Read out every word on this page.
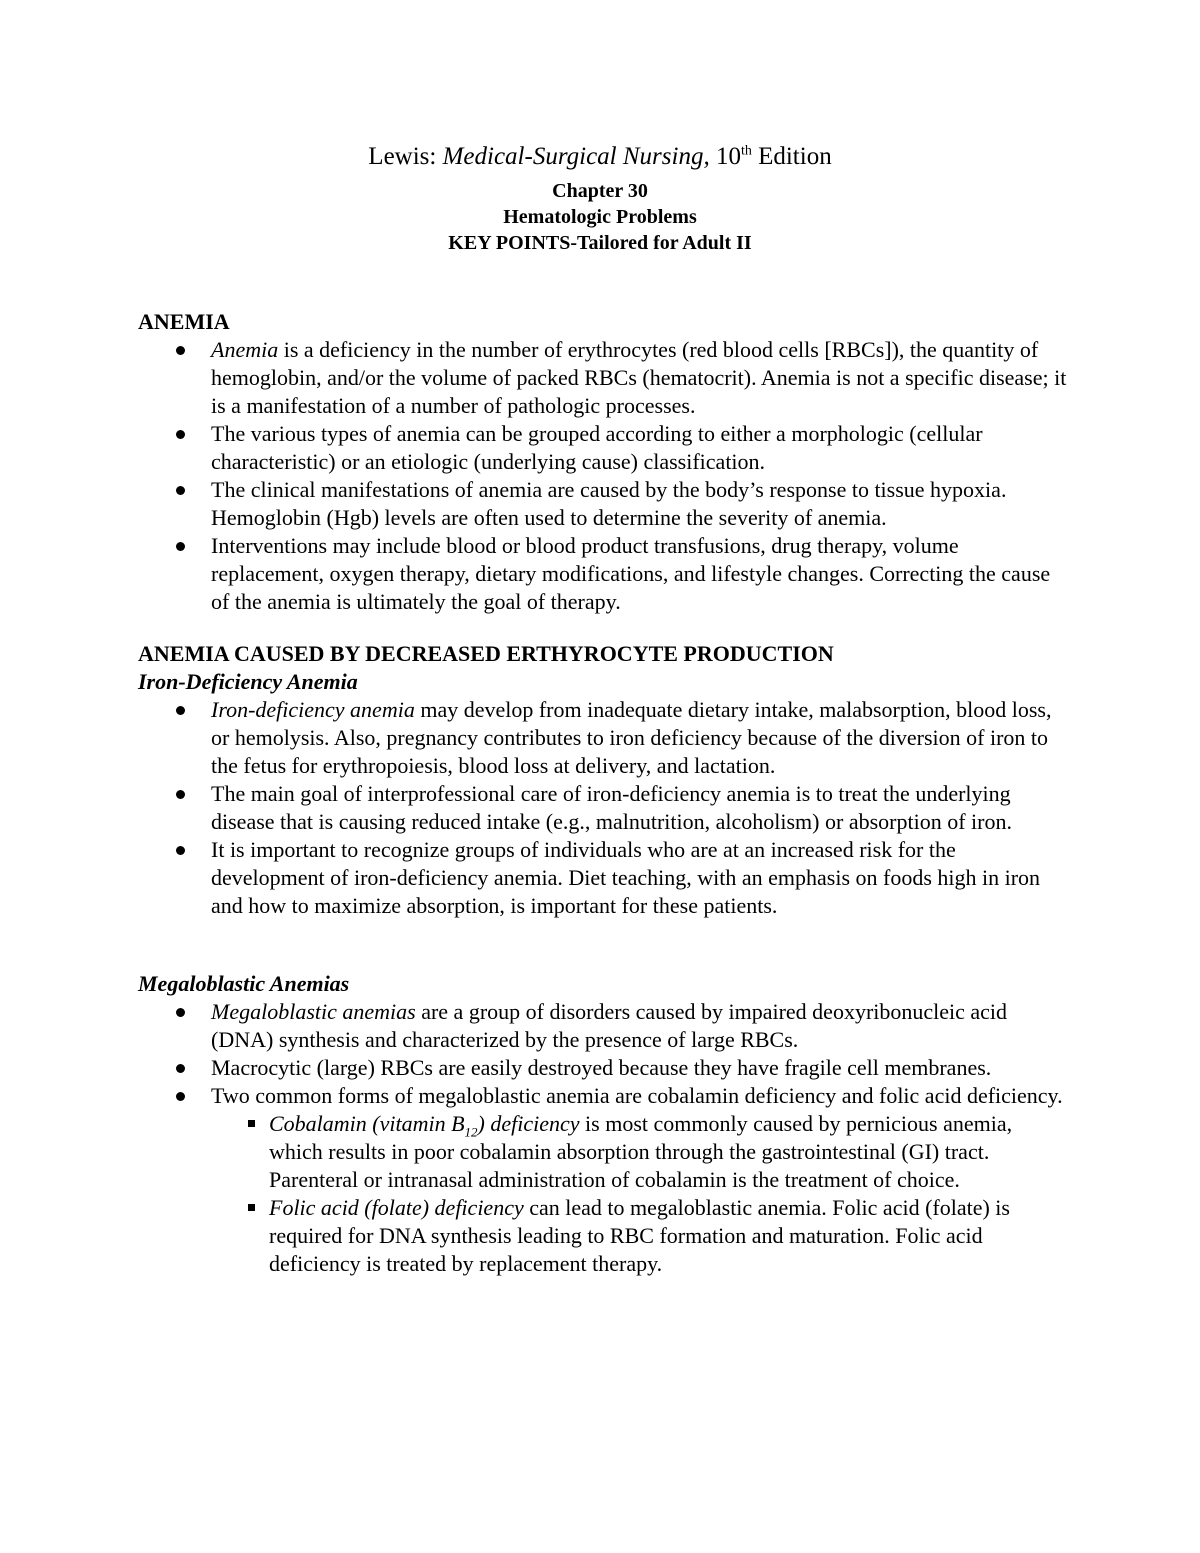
Lewis: Medical-Surgical Nursing, 10th Edition
Chapter 30
Hematologic Problems
KEY POINTS-Tailored for Adult II

ANEMIA

Anemia is a deficiency in the number of erythrocytes (red blood cells [RBCs]), the quantity of hemoglobin, and/or the volume of packed RBCs (hematocrit). Anemia is not a specific disease; it is a manifestation of a number of pathologic processes.
The various types of anemia can be grouped according to either a morphologic (cellular characteristic) or an etiologic (underlying cause) classification.
The clinical manifestations of anemia are caused by the body’s response to tissue hypoxia. Hemoglobin (Hgb) levels are often used to determine the severity of anemia.
Interventions may include blood or blood product transfusions, drug therapy, volume replacement, oxygen therapy, dietary modifications, and lifestyle changes. Correcting the cause of the anemia is ultimately the goal of therapy.

ANEMIA CAUSED BY DECREASED ERTHYROCYTE PRODUCTION

Iron-Deficiency Anemia

Iron-deficiency anemia may develop from inadequate dietary intake, malabsorption, blood loss, or hemolysis. Also, pregnancy contributes to iron deficiency because of the diversion of iron to the fetus for erythropoiesis, blood loss at delivery, and lactation.
The main goal of interprofessional care of iron-deficiency anemia is to treat the underlying disease that is causing reduced intake (e.g., malnutrition, alcoholism) or absorption of iron.
It is important to recognize groups of individuals who are at an increased risk for the development of iron-deficiency anemia. Diet teaching, with an emphasis on foods high in iron and how to maximize absorption, is important for these patients.

Megaloblastic Anemias

Megaloblastic anemias are a group of disorders caused by impaired deoxyribonucleic acid (DNA) synthesis and characterized by the presence of large RBCs.
Macrocytic (large) RBCs are easily destroyed because they have fragile cell membranes.
Two common forms of megaloblastic anemia are cobalamin deficiency and folic acid deficiency.
Cobalamin (vitamin $B_{12}$) deficiency is most commonly caused by pernicious anemia, which results in poor cobalamin absorption through the gastrointestinal (GI) tract. Parenteral or intranasal administration of cobalamin is the treatment of choice.
Folic acid (folate) deficiency can lead to megaloblastic anemia. Folic acid (folate) is required for DNA synthesis leading to RBC formation and maturation. Folic acid deficiency is treated by replacement therapy.
